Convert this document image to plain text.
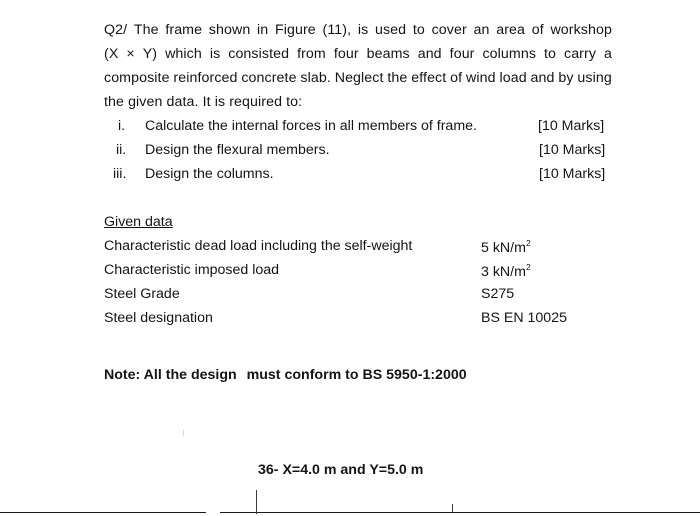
Q2/ The frame shown in Figure (11), is used to cover an area of workshop
(X × Y) which is consisted from four beams and four columns to carry a
composite reinforced concrete slab. Neglect the effect of wind load and by using
the given data. It is required to:
i. Calculate the internal forces in all members of frame.	[10 Marks]
ii. Design the flexural members.	[10 Marks]
iii. Design the columns.	[10 Marks]
Given data
Characteristic dead load including the self-weight	5 $kN/m^2$
Characteristic imposed load	3 $kN/m^2$
Steel Grade	S275
Steel designation	BS EN 10025
Note: All the design must conform to BS 5950-1:2000
36- X=4.0 m and Y=5.0 m
